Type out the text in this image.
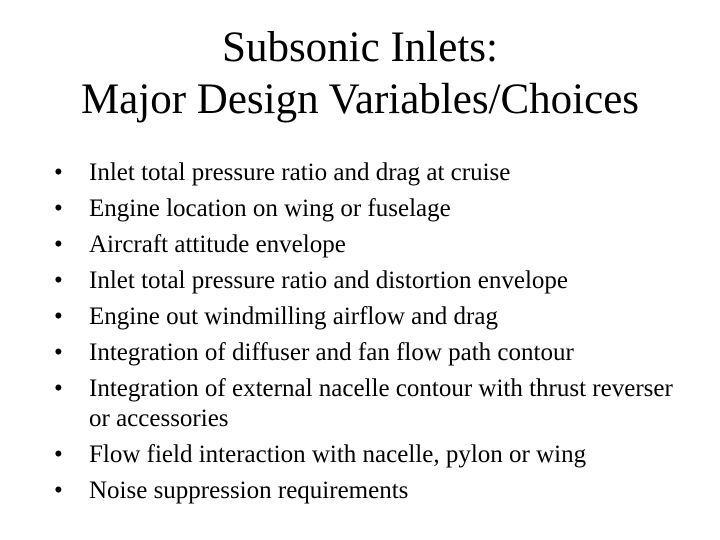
Subsonic Inlets:
Major Design Variables/Choices
• Inlet total pressure ratio and drag at cruise
• Engine location on wing or fuselage
• Aircraft attitude envelope
• Inlet total pressure ratio and distortion envelope
• Engine out windmilling airflow and drag
• Integration of diffuser and fan flow path contour
• Integration of external nacelle contour with thrust reverser or accessories
• Flow field interaction with nacelle, pylon or wing
• Noise suppression requirements
